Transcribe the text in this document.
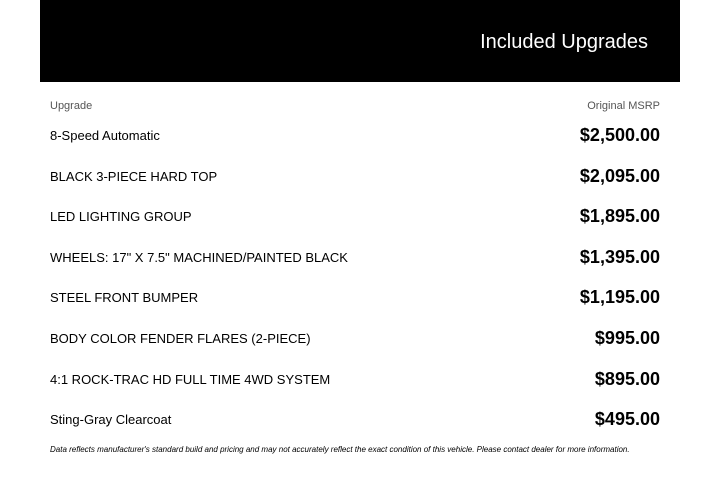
Included Upgrades
Upgrade	Original MSRP
8-Speed Automatic	$2,500.00
BLACK 3-PIECE HARD TOP	$2,095.00
LED LIGHTING GROUP	$1,895.00
WHEELS: 17" X 7.5" MACHINED/PAINTED BLACK	$1,395.00
STEEL FRONT BUMPER	$1,195.00
BODY COLOR FENDER FLARES (2-PIECE)	$995.00
4:1 ROCK-TRAC HD FULL TIME 4WD SYSTEM	$895.00
Sting-Gray Clearcoat	$495.00
Data reflects manufacturer's standard build and pricing and may not accurately reflect the exact condition of this vehicle. Please contact dealer for more information.
